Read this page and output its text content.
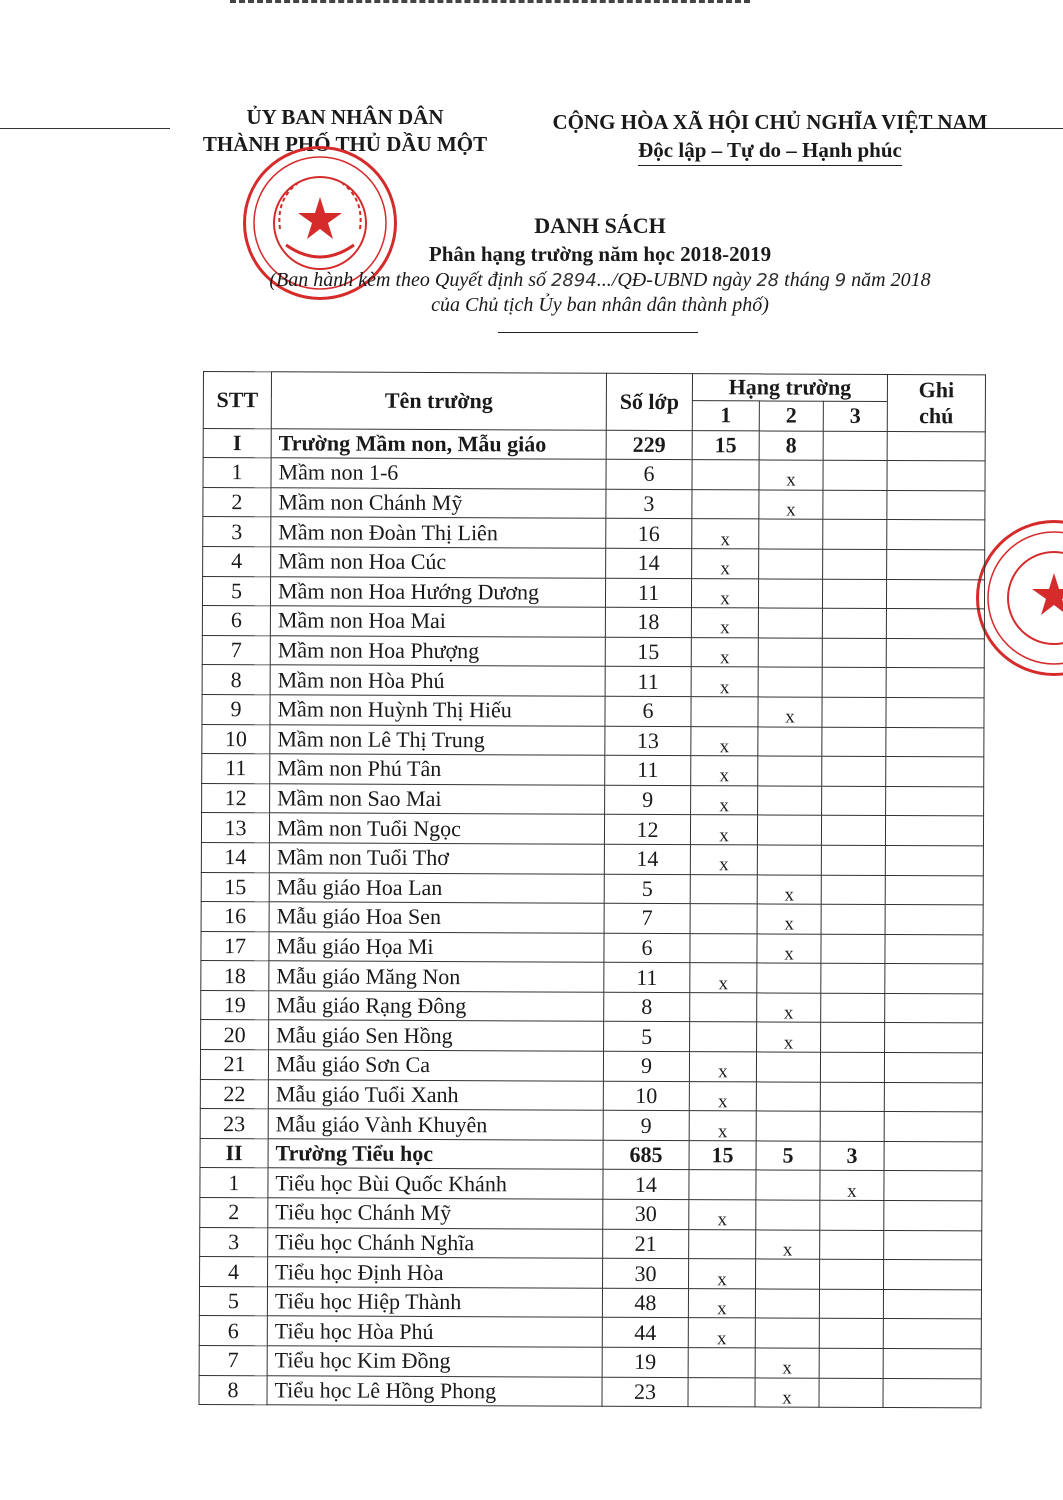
ỦY BAN NHÂN DÂN
THÀNH PHỐ THỦ DẦU MỘT
CỘNG HÒA XÃ HỘI CHỦ NGHĨA VIỆT NAM
Độc lập – Tự do – Hạnh phúc
DANH SÁCH
Phân hạng trường năm học 2018-2019
(Ban hành kèm theo Quyết định số 2894.../QĐ-UBND ngày 28 tháng 9 năm 2018
của Chủ tịch Ủy ban nhân dân thành phố)
STT	Tên trường	Số lớp	Hạng trường			Ghi
chú

			1	2	3	
I	Trường Mầm non, Mẫu giáo	229	15	8		
1	Mầm non 1-6	6		x		
2	Mầm non Chánh Mỹ	3		x		
3	Mầm non Đoàn Thị Liên	16	x			
4	Mầm non Hoa Cúc	14	x			
5	Mầm non Hoa Hướng Dương	11	x			
6	Mầm non Hoa Mai	18	x			
7	Mầm non Hoa Phượng	15	x			
8	Mầm non Hòa Phú	11	x			
9	Mầm non Huỳnh Thị Hiếu	6		x		
10	Mầm non Lê Thị Trung	13	x			
11	Mầm non Phú Tân	11	x			
12	Mầm non Sao Mai	9	x			
13	Mầm non Tuổi Ngọc	12	x			
14	Mầm non Tuổi Thơ	14	x			
15	Mẫu giáo Hoa Lan	5		x		
16	Mẫu giáo Hoa Sen	7		x		
17	Mẫu giáo Họa Mi	6		x		
18	Mẫu giáo Măng Non	11	x			
19	Mẫu giáo Rạng Đông	8		x		
20	Mẫu giáo Sen Hồng	5		x		
21	Mẫu giáo Sơn Ca	9	x			
22	Mẫu giáo Tuổi Xanh	10	x			
23	Mẫu giáo Vành Khuyên	9	x			
II	Trường Tiểu học	685	15	5	3	
1	Tiểu học Bùi Quốc Khánh	14			x	
2	Tiểu học Chánh Mỹ	30	x			
3	Tiểu học Chánh Nghĩa	21		x		
4	Tiểu học Định Hòa	30	x			
5	Tiểu học Hiệp Thành	48	x			
6	Tiểu học Hòa Phú	44	x			
7	Tiểu học Kim Đồng	19		x		
8	Tiểu học Lê Hồng Phong	23		x		
